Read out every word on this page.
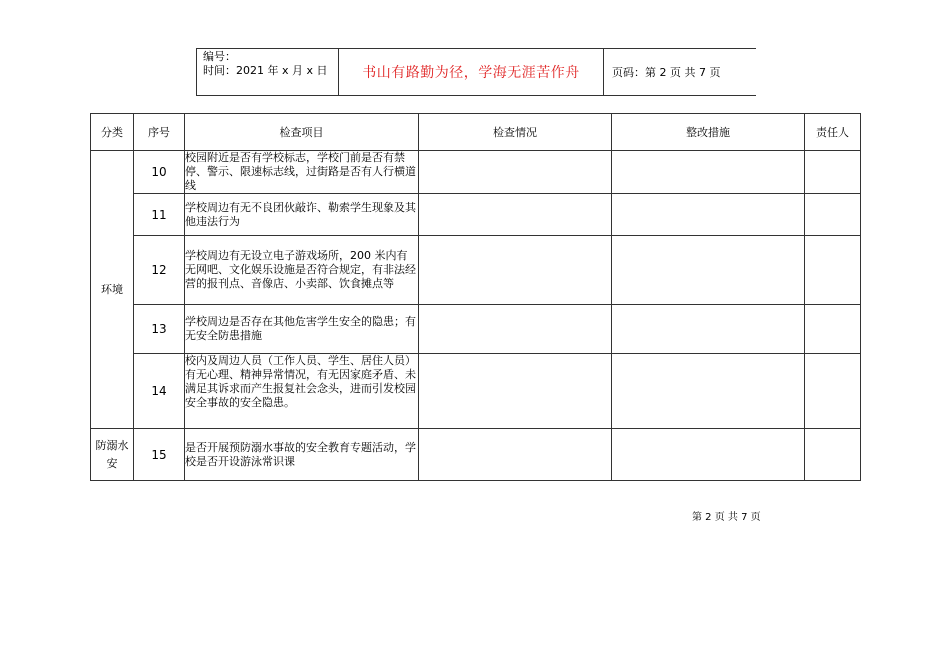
编号：
时间：2021 年 x 月 x 日	书山有路勤为径，学海无涯苦作舟	页码：第 2 页 共 7 页
分类	序号	检查项目	检查情况	整改措施	责任人
环境	10	校园附近是否有学校标志，学校门前是否有禁停、警示、限速标志线，过街路是否有人行横道线			
	11	学校周边有无不良团伙敲诈、勒索学生现象及其他违法行为			
	12	学校周边有无设立电子游戏场所，200 米内有无网吧、文化娱乐设施是否符合规定，有非法经营的报刊点、音像店、小卖部、饮食摊点等			
	13	学校周边是否存在其他危害学生安全的隐患；有无安全防患措施			
	14	校内及周边人员（工作人员、学生、居住人员）有无心理、精神异常情况，有无因家庭矛盾、未满足其诉求而产生报复社会念头，进而引发校园安全事故的安全隐患。			
防溺水安	15	是否开展预防溺水事故的安全教育专题活动，学校是否开设游泳常识课			
第 2 页 共 7 页
